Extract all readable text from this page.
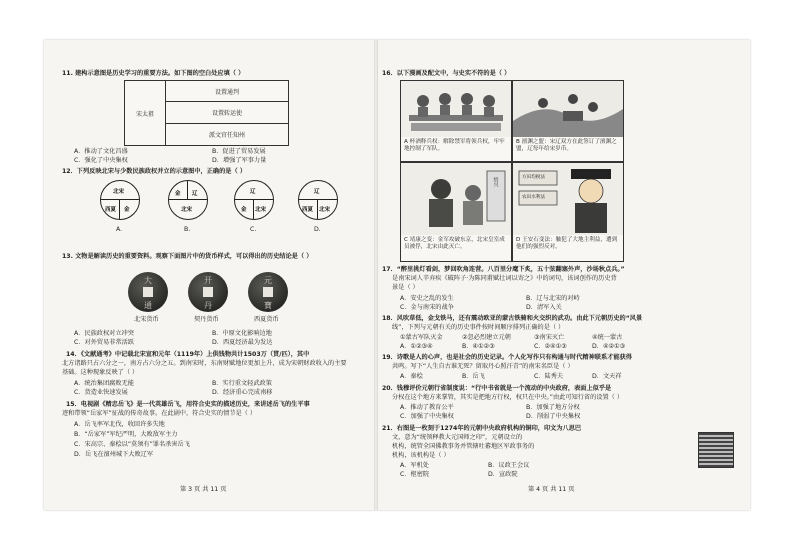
11. 建构示意图是历史学习的重要方法。如下图的空白处应填（ ）
宋太祖
设置通判
设置转运使
派文官任知州
A．推动了文化昌盛	B．促进了贸易发展
C．强化了中央集权	D．增强了军事力量
12．下列反映北宋与少数民族政权并立的示意图中，正确的是（ ）
北宋
西夏 金
金 辽
北宋
辽
金 北宋
辽
西夏 北宋
A.	B.	C.	D.
13. 文物是解读历史的重要资料。观察下面图片中的货币样式，可以得出的历史结论是（ ）
大
通
开
丹
元
寶
北宋货币	契丹货币	西夏货币
A．民族政权对立冲突	B．中原文化影响边地
C．对外贸易非常活跃	D．西夏经济最为发达
14．《文献通考》中记载北宋宣和元年（1119年）上供钱物共计1503万（贯/匹），其中
北方诸路只占六分之一，南方占六分之五。到南宋时，东南财赋地位更加上升，成为宋朝财政收入的主要
基础。这种现象反映了（ ）
A．统治集团腐败无能	B．实行重文轻武政策
C．货造业快速发展	D．经济重心完成南移
15．电视剧《精忠岳飞》是一代英雄岳飞，用符合史实的描述历史，来讲述岳飞的生平事
迹和带领“岳家军”征战的传奇故事。在此剧中，符合史实的情节是（ ）
A．岳飞率军北伐，收回许多失地
B．“岳家军”军纪严明，大败敌军主力
C．宋高宗、秦桧以“莫须有”罪名杀害岳飞
D．岳飞在澶州城下大败辽军
第 3 页 共 11 页
16．以下漫画及配文中，与史实不符的是（ ）
A 杯酒释兵权：解除禁军将领兵权，牢牢地控制了军队。
B 澶渊之盟：宋辽双方在此签订了澶渊之盟，辽每年给宋岁币。
绍兴
C 靖康之变：金军攻破东京，北宋皇室成员被俘，北宋由此灭亡。
方田均税法
农田水利法
D 王安石变法：触犯了大地主利益，遭到他们的强烈反对。
17．“醉里挑灯看剑，梦回吹角连营。八百里分麾下炙，五十弦翻塞外声，沙场秋点兵。”
是南宋词人辛弃疾《破阵子·为陈同甫赋壮词以寄之》中的词句，该词创作的历史背
景是（ ）
A．安史之乱的发生	B．辽与北宋的对峙
C．金与南宋的战争	D．清军入关
18．风吹草低，金戈铁马，还有震动欧亚的蒙古铁骑和火交织的武功。由此下元朝历史的“风景
线”，下列与元朝有关的历史事件按时间顺序排列正确的是（ ）
①蒙古军队灭金	②忽必烈建立元朝	③南宋灭亡	④统一蒙古
A．①②③④	B．④①②③	C．②④①③	D．④②①③
19．诗歌是人的心声，也是社会的历史记录。个人化写作只有构通与时代精神联系才能获得
共鸣。写下“人生自古谁无死？留取丹心照汗青”的南宋名臣是（ ）
A．秦桧	B．岳飞	C．陆秀夫	D．文天祥
20．钱穆评价元朝行省制度说：“行中书省就是一个流动的中央政府，表面上似乎是
分权在这个地方来掌管，其实是把地方行权，权只在中央。”由此可知行省的设置（ ）
A．推动了教育公平	B．加强了地方分权
C．加强了中央集权	D．削弱了中央集权
21．右图是一枚刻于1274年的元朝中央政府机构的铜印，印文为八思巴
文，意为“统领释教大元国师之印”，元朝设立的
机构，统管全国佛教事务并管辖吐蕃地区军政事务的
机构，该机构是（ ）
A．军机处	B．议政王会议
C．枢密院	D．宣政院
第 4 页 共 11 页
